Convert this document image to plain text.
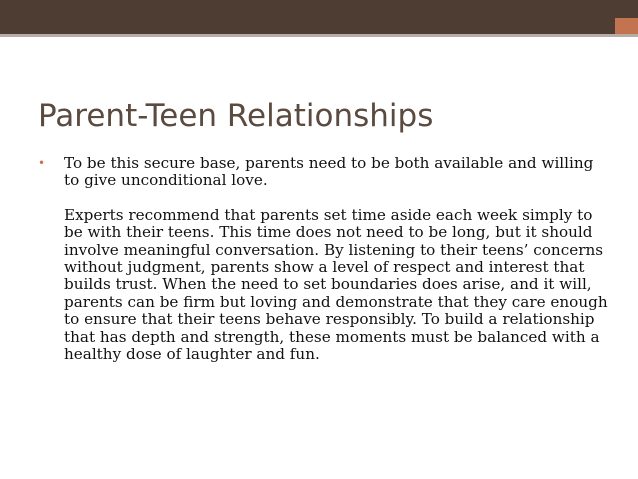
Parent-Teen Relationships
• To be this secure base, parents need to be both available and willing to give unconditional love.

Experts recommend that parents set time aside each week simply to be with their teens. This time does not need to be long, but it should involve meaningful conversation. By listening to their teens’ concerns without judgment, parents show a level of respect and interest that builds trust. When the need to set boundaries does arise, and it will, parents can be firm but loving and demonstrate that they care enough to ensure that their teens behave responsibly. To build a relationship that has depth and strength, these moments must be balanced with a healthy dose of laughter and fun.
